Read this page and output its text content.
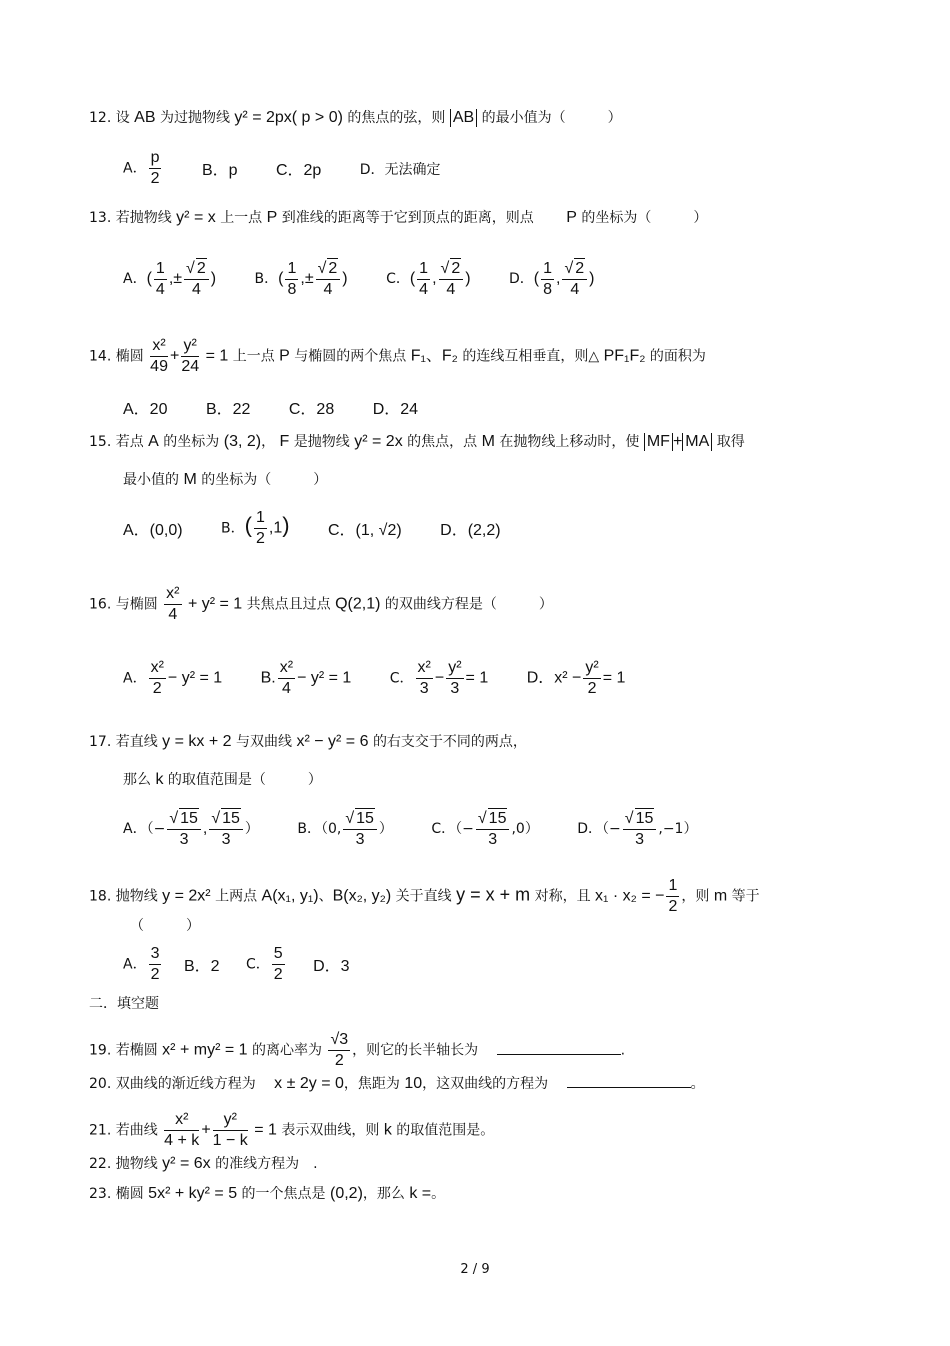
12. 设 AB 为过抛物线 y² = 2px( p > 0) 的焦点的弦，则 AB 的最小值为（　　　）
A． $\frac{p}{2}$	B．p C．2p	D．无法确定
13. 若抛物线 y² = x 上一点 P 到准线的距离等于它到顶点的距离，则点 P 的坐标为（　　　）
A．( $\frac{1}{4}$ ,± $\frac{√ 2}{4}$ )	B．( $\frac{1}{8}$ ,± $\frac{√ 2}{4}$ )	C．( $\frac{1}{4}$ , $\frac{√ 2}{4}$ )	D．( $\frac{1}{8}$ , $\frac{√ 2}{4}$ )
14. 椭圆 $\frac{\text{x²}}{49} + \frac{\text{y²}}{24} = 1$ 上一点 P 与椭圆的两个焦点 F₁、F₂ 的连线互相垂直，则△ PF₁F₂ 的面积为
A．20 B．22 C．28 D．24
15. 若点 A 的坐标为 (3, 2)， F 是抛物线 y² = 2x 的焦点，点 M 在抛物线上移动时，使 MF + MA 取得
最小值的 M 的坐标为（　　　）
A．(0,0)	B．( $\frac{1}{2} ,1$) C．(1, √2) D．(2,2)
16. 与椭圆 $\frac{\text{x²}}{4} + y^2 = 1$ 共焦点且过点 Q(2,1) 的双曲线方程是（　　　）
A． $\frac{\text{x²}}{2} - y^2 = 1$ B. $\frac{\text{x²}}{4} - y^2 = 1$	C． $\frac{\text{x²}}{3} - \frac{\text{y²}}{3} = 1$ D．$x^2 - \frac{\text{y²}}{2} = 1$
17. 若直线 y = kx + 2 与双曲线 x² − y² = 6 的右支交于不同的两点，
那么 k 的取值范围是（　　　）
A．（− $\frac{√ 15}{3}$ , $\frac{√ 15}{3}$ ）	B．（0, $\frac{√ 15}{3}$ ）	C．（− $\frac{√ 15}{3} ,0$）	D．（− $\frac{√ 15}{3} ,-1$）
18. 抛物线 y = 2x² 上两点 A(x₁, y₁)、B(x₂, y₂) 关于直线 y = x + m 对称，且 x₁ · x₂ = − $\frac{1}{2}$ ，则 m 等于
（　　　）
A． $\frac{3}{2}$ B．2 C． $\frac{5}{2}$ D．3
二．填空题
19. 若椭圆 x² + my² = 1 的离心率为 $\frac{√3}{2}$ ，则它的长半轴长为	.
20. 双曲线的渐近线方程为 x ± 2y = 0，焦距为 10，这双曲线的方程为	。
21. 若曲线 $\frac{\text{x²}}{4 + k} + \frac{\text{y²}}{1 - k} = 1$ 表示双曲线，则 k 的取值范围是。
22. 抛物线 y² = 6x 的准线方程为　.
23. 椭圆 5x² + ky² = 5 的一个焦点是 (0,2)，那么 k =。
2 / 9
